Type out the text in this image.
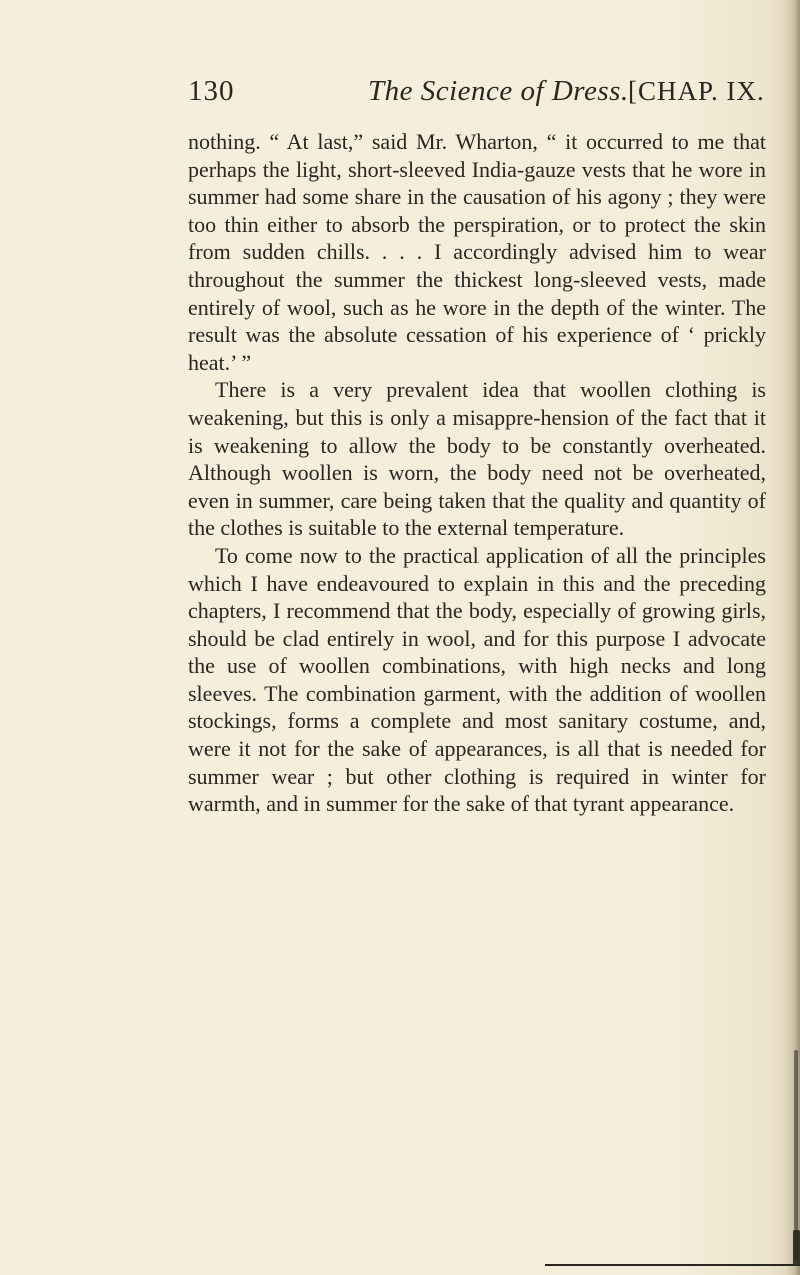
130	The Science of Dress. [CHAP. IX.

nothing. “ At last,” said Mr. Wharton, “ it occurred to me that perhaps the light, short-sleeved India-gauze vests that he wore in summer had some share in the causation of his agony ; they were too thin either to absorb the perspiration, or to protect the skin from sudden chills. . . . I accordingly advised him to wear throughout the summer the thickest long-sleeved vests, made entirely of wool, such as he wore in the depth of the winter. The result was the absolute cessation of his experience of ‘ prickly heat.’ ”

There is a very prevalent idea that woollen clothing is weakening, but this is only a misappre-hension of the fact that it is weakening to allow the body to be constantly overheated. Although woollen is worn, the body need not be overheated, even in summer, care being taken that the quality and quantity of the clothes is suitable to the external temperature.

To come now to the practical application of all the principles which I have endeavoured to explain in this and the preceding chapters, I recommend that the body, especially of growing girls, should be clad entirely in wool, and for this purpose I advocate the use of woollen combinations, with high necks and long sleeves. The combination garment, with the addition of woollen stockings, forms a complete and most sanitary costume, and, were it not for the sake of appearances, is all that is needed for summer wear ; but other clothing is required in winter for warmth, and in summer for the sake of that tyrant appearance.
